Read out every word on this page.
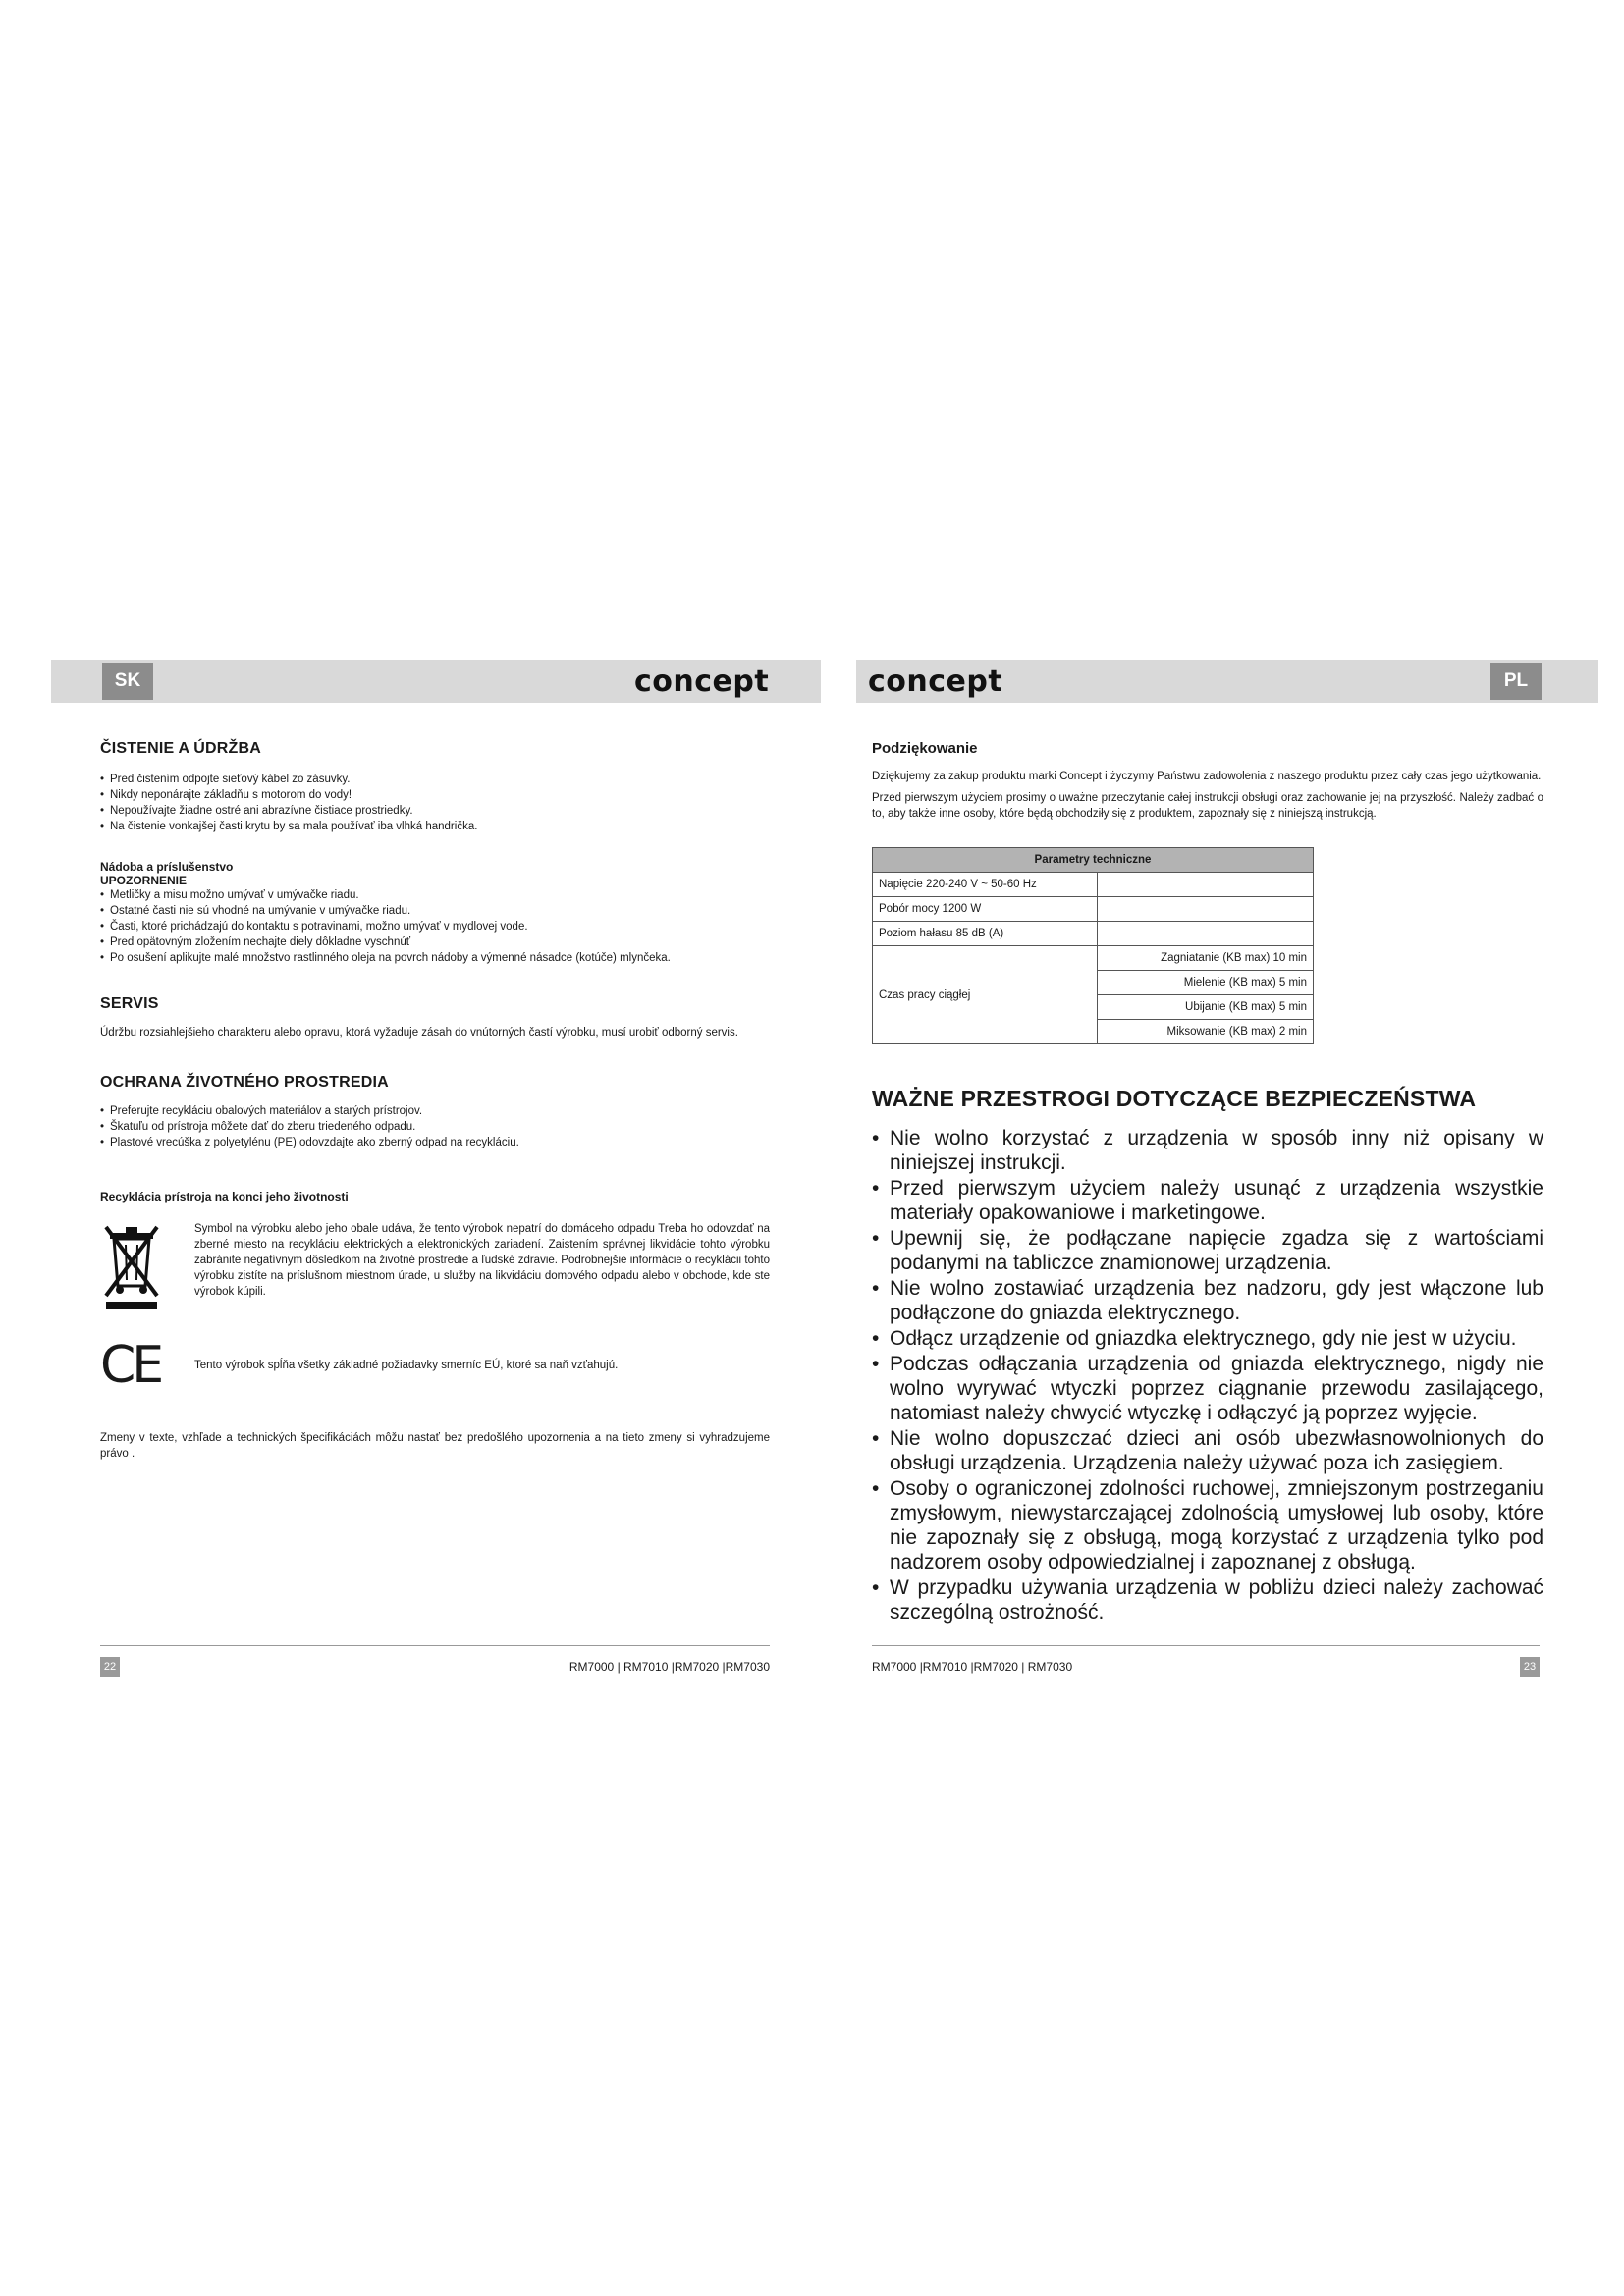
SK	concept	concept	PL
ČISTENIE A ÚDRŽBA
• Pred čistením odpojte sieťový kábel zo zásuvky.
• Nikdy neponárajte základňu s motorom do vody!
• Nepoužívajte žiadne ostré ani abrazívne čistiace prostriedky.
• Na čistenie vonkajšej časti krytu by sa mala používať iba vlhká handrička.
Nádoba a príslušenstvo
UPOZORNENIE
• Metličky a misu možno umývať v umývačke riadu.
• Ostatné časti nie sú vhodné na umývanie v umývačke riadu.
• Časti, ktoré prichádzajú do kontaktu s potravinami, možno umývať v mydlovej vode.
• Pred opätovným zložením nechajte diely dôkladne vyschnúť
• Po osušení aplikujte malé množstvo rastlinného oleja na povrch nádoby a výmenné násadce (kotúče) mlynčeka.
SERVIS

Údržbu rozsiahlejšieho charakteru alebo opravu, ktorá vyžaduje zásah do vnútorných častí výrobku, musí urobiť odborný servis.

OCHRANA ŽIVOTNÉHO PROSTREDIA
• Preferujte recykláciu obalových materiálov a starých prístrojov.
• Škatuľu od prístroja môžete dať do zberu triedeného odpadu.
• Plastové vrecúška z polyetylénu (PE) odovzdajte ako zberný odpad na recykláciu.
Recyklácia prístroja na konci jeho životnosti

Symbol na výrobku alebo jeho obale udáva, že tento výrobok nepatrí do domáceho odpadu Treba ho odovzdať na zberné miesto na recykláciu elektrických a elektronických zariadení. Zaistením správnej likvidácie tohto výrobku zabránite negatívnym dôsledkom na životné prostredie a ľudské zdravie. Podrobnejšie informácie o recyklácii tohto výrobku zistíte na príslušnom miestnom úrade, u služby na likvidáciu domového odpadu alebo v obchode, kde ste výrobok kúpili.

CE	Tento výrobok spĺňa všetky základné požiadavky smerníc EÚ, ktoré sa naň vzťahujú.

Zmeny v texte, vzhľade a technických špecifikáciách môžu nastať bez predošlého upozornenia a na tieto zmeny si vyhradzujeme právo .

22	RM7000 | RM7010 |RM7020 |RM7030
Podziękowanie

Dziękujemy za zakup produktu marki Concept i życzymy Państwu zadowolenia z naszego produktu przez cały czas jego użytkowania.

Przed pierwszym użyciem prosimy o uważne przeczytanie całej instrukcji obsługi oraz zachowanie jej na przyszłość. Należy zadbać o to, aby także inne osoby, które będą obchodziły się z produktem, zapoznały się z niniejszą instrukcją.

Parametry techniczne	
Napięcie 220-240 V ~ 50-60 Hz	
Pobór mocy 1200 W	
Poziom hałasu 85 dB (A)	
Czas pracy ciągłej	Zagniatanie (KB max) 10 min
	Mielenie (KB max) 5 min
	Ubijanie (KB max) 5 min
	Miksowanie (KB max) 2 min
WAŻNE PRZESTROGI DOTYCZĄCE BEZPIECZEŃSTWA
• Nie wolno korzystać z urządzenia w sposób inny niż opisany w niniejszej instrukcji.
• Przed pierwszym użyciem należy usunąć z urządzenia wszystkie materiały opakowaniowe i marketingowe.
• Upewnij się, że podłączane napięcie zgadza się z wartościami podanymi na tabliczce znamionowej urządzenia.
• Nie wolno zostawiać urządzenia bez nadzoru, gdy jest włączone lub podłączone do gniazda elektrycznego.
• Odłącz urządzenie od gniazdka elektrycznego, gdy nie jest w użyciu.
• Podczas odłączania urządzenia od gniazda elektrycznego, nigdy nie wolno wyrywać wtyczki poprzez ciągnanie przewodu zasilającego, natomiast należy chwycić wtyczkę i odłączyć ją poprzez wyjęcie.
• Nie wolno dopuszczać dzieci ani osób ubezwłasnowolnionych do obsługi urządzenia. Urządzenia należy używać poza ich zasięgiem.
• Osoby o ograniczonej zdolności ruchowej, zmniejszonym postrzeganiu zmysłowym, niewystarczającej zdolnością umysłowej lub osoby, które nie zapoznały się z obsługą, mogą korzystać z urządzenia tylko pod nadzorem osoby odpowiedzialnej i zapoznanej z obsługą.
• W przypadku używania urządzenia w pobliżu dzieci należy zachować szczególną ostrożność.
RM7000 |RM7010 |RM7020 | RM7030	23
